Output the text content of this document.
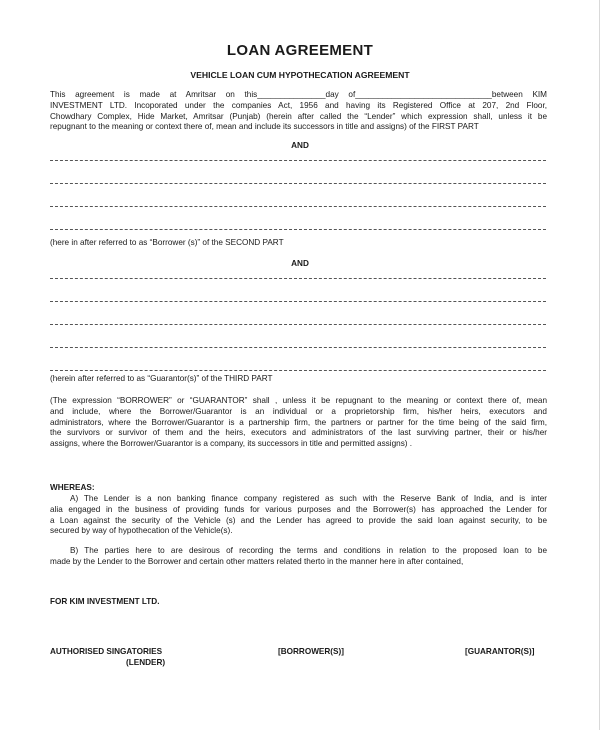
LOAN AGREEMENT
VEHICLE LOAN CUM HYPOTHECATION AGREEMENT
This agreement is made at Amritsar on this_______________day of______________________________between KIM
INVESTMENT LTD. Incoporated under the companies Act, 1956 and having its Registered Office at 207, 2nd Floor,
Chowdhary Complex, Hide Market, Amritsar (Punjab) (herein after called the “Lender” which expression shall, unless it be
repugnant to the meaning or context there of, mean and include its successors in title and assigns) of the FIRST PART
AND
(here in after referred to as “Borrower (s)” of the SECOND PART
AND
(herein after referred to as “Guarantor(s)” of the THIRD PART
(The expression “BORROWER” or “GUARANTOR” shall , unless it be repugnant to the meaning or context there of, mean
and include, where the Borrower/Guarantor is an individual or a proprietorship firm, his/her heirs, executors and
administrators, where the Borrower/Guarantor is a partnership firm, the partners or partner for the time being of the said firm,
the survivors or survivor of them and the heirs, executors and administrators of the last surviving partner, their or his/her
assigns, where the Borrower/Guarantor is a company, its successors in title and permitted assigns) .
WHEREAS:
A) The Lender is a non banking finance company registered as such with the Reserve Bank of India, and is inter
alia engaged in the business of providing funds for various purposes and the Borrower(s) has approached the Lender for
a Loan against the security of the Vehicle (s) and the Lender has agreed to provide the said loan against security, to be
secured by way of hypothecation of the Vehicle(s).
B) The parties here to are desirous of recording the terms and conditions in relation to the proposed loan to be
made by the Lender to the Borrower and certain other matters related therto in the manner here in after contained,
FOR KIM INVESTMENT LTD.
AUTHORISED SINGATORIES
(LENDER)
[BORROWER(S)]	[GUARANTOR(S)]
